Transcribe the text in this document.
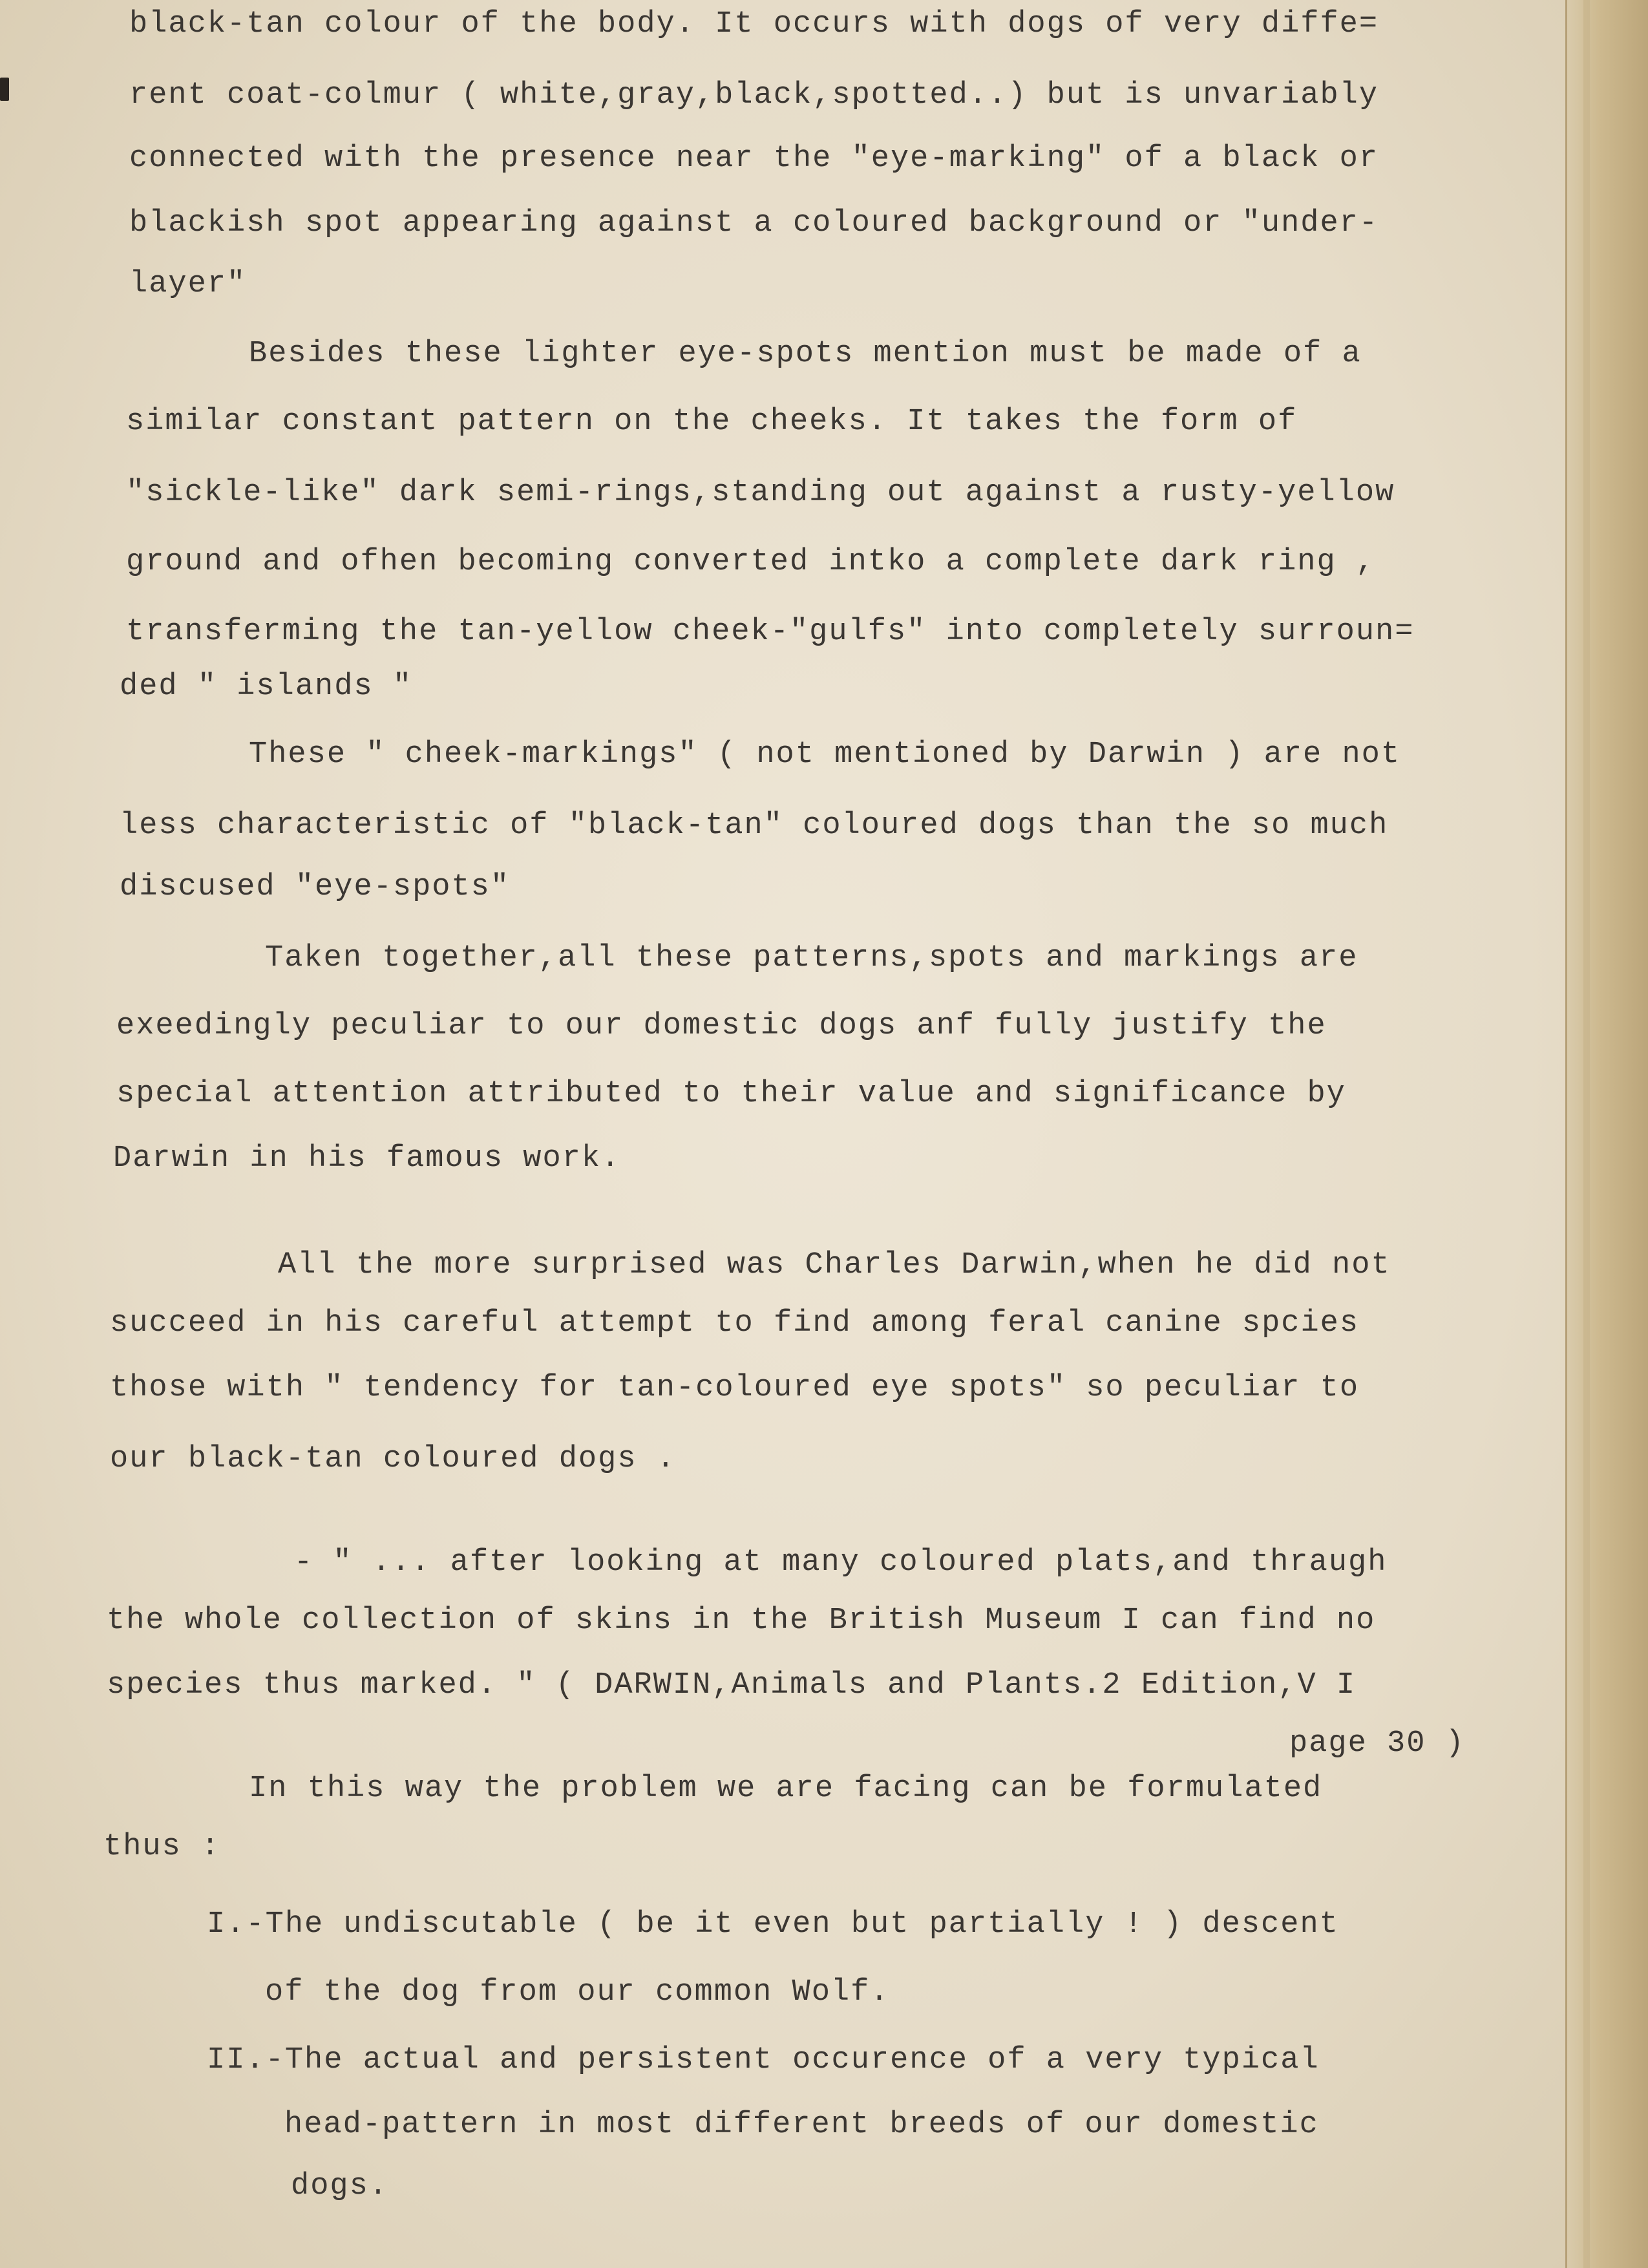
black-tan colour of the body. It occurs with dogs of very diffe=
rent coat-colmur ( white,gray,black,spotted..) but is unvariably
connected with the presence near the "eye-marking" of a black or
blackish spot appearing against a coloured background or "under-
layer"
Besides these lighter eye-spots mention must be made of a
similar constant pattern on the cheeks. It takes the form of
"sickle-like" dark semi-rings,standing out against a rusty-yellow
ground and ofhen becoming converted intko a complete dark ring ,
transferming the tan-yellow cheek-"gulfs" into completely surroun=
ded " islands "
These " cheek-markings" ( not mentioned by Darwin ) are not
less characteristic of "black-tan" coloured dogs than the so much
discused "eye-spots"
Taken together,all these patterns,spots and markings are
exeedingly peculiar to our domestic dogs anf fully justify the
special attention attributed to their value and significance by
Darwin in his famous work.
All the more surprised was Charles Darwin,when he did not
succeed in his careful attempt to find among feral canine spcies
those with " tendency for tan-coloured eye spots" so peculiar to
our black-tan coloured dogs .
- " ... after looking at many coloured plats,and thraugh
the whole collection of skins in the British Museum I can find no
species thus marked. " ( DARWIN,Animals and Plants.2 Edition,V I
page 30 )
In this way the problem we are facing can be formulated
thus :
I.-The undiscutable ( be it even but partially ! ) descent
of the dog from our common Wolf.
II.-The actual and persistent occurence of a very typical
head-pattern in most different breeds of our domestic
dogs.
